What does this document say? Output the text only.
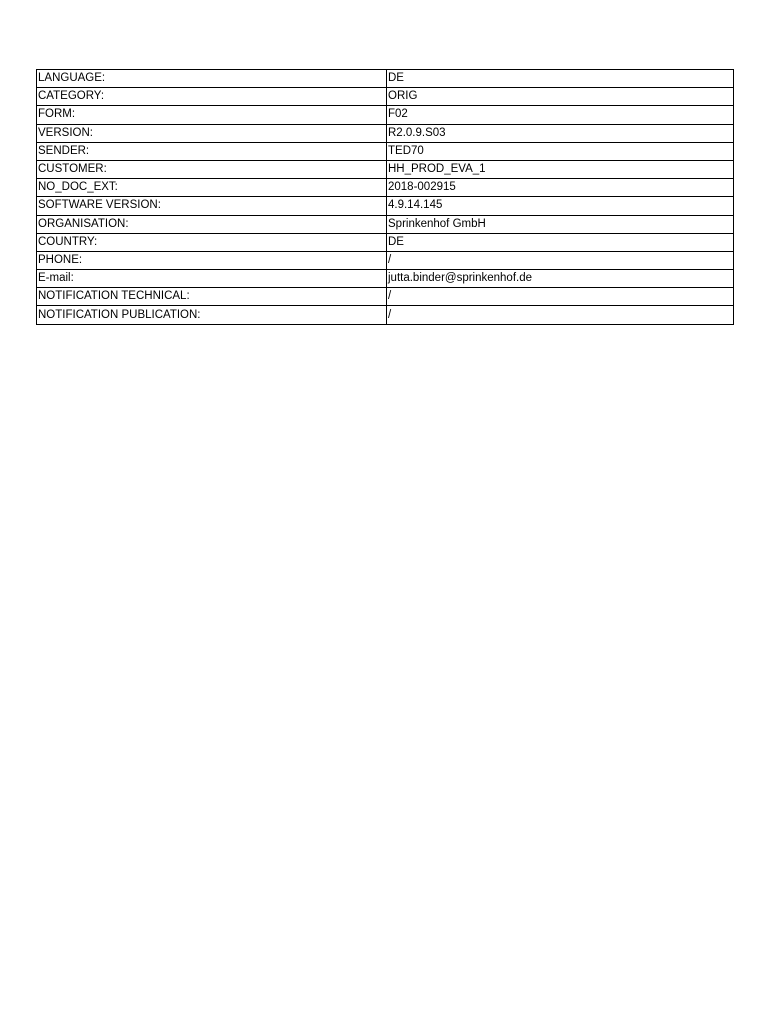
LANGUAGE:	DE
CATEGORY:	ORIG
FORM:	F02
VERSION:	R2.0.9.S03
SENDER:	TED70
CUSTOMER:	HH_PROD_EVA_1
NO_DOC_EXT:	2018-002915
SOFTWARE VERSION:	4.9.14.145
ORGANISATION:	Sprinkenhof GmbH
COUNTRY:	DE
PHONE:	/
E-mail:	jutta.binder@sprinkenhof.de
NOTIFICATION TECHNICAL:	/
NOTIFICATION PUBLICATION:	/
